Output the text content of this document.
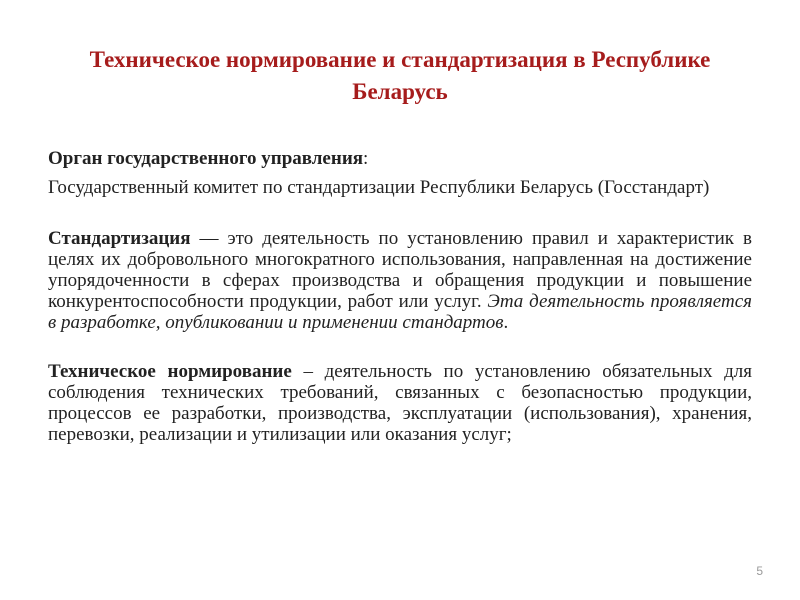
Техническое нормирование и стандартизация в Республике Беларусь

Орган государственного управления:

Государственный комитет по стандартизации Республики Беларусь (Госстандарт)

Стандартизация — это деятельность по установлению правил и характеристик в целях их добровольного многократного использования, направленная на достижение упорядоченности в сферах производства и обращения продукции и повышение конкурентоспособности продукции, работ или услуг. Эта деятельность проявляется в разработке, опубликовании и применении стандартов.

Техническое нормирование – деятельность по установлению обязательных для соблюдения технических требований, связанных с безопасностью продукции, процессов ее разработки, производства, эксплуатации (использования), хранения, перевозки, реализации и утилизации или оказания услуг;

5
